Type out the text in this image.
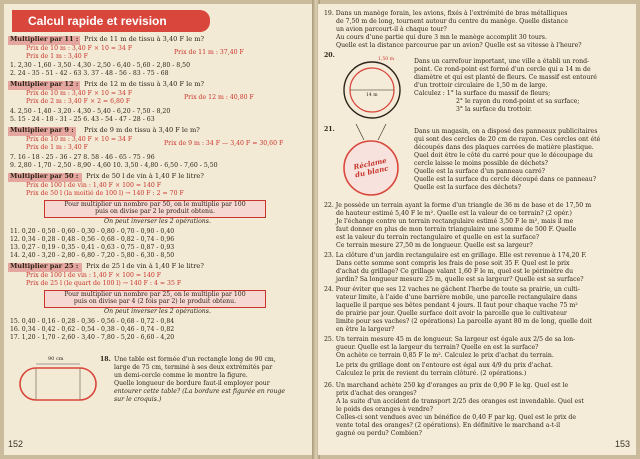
Calcul rapide et revision
Multiplier par 11 : Prix de 11 m de tissu à 3,40 F le m?
Prix de 10 m : 3,40 F × 10 = 34 F
Prix de 1 m : 3,40 F
Prix de 11 m : 37,40 F
1. 2,30 - 1,60 - 3,50 - 4,30 - 2,50 - 6,40 - 5,60 - 2,80 - 8,50
2. 24 - 35 - 51 - 42 - 63 3. 37 - 48 - 56 - 83 - 75 - 68
Multiplier par 12 : Prix de 12 m de tissu à 3,40 F le m?
Prix de 10 m : 3,40 F × 10 = 34 F
Prix de 2 m : 3,40 F × 2 = 6,80 F
Prix de 12 m : 40,80 F
4. 2,50 - 1,40 - 3,20 - 4,30 - 5,40 - 6,20 - 7,50 - 8,20
5. 15 - 24 - 18 - 31 - 25 6. 43 - 54 - 47 - 28 - 63
Multiplier par 9 : Prix de 9 m de tissu à 3,40 F le m?
Prix de 10 m : 3,40 F × 10 = 34 F
Prix de 1 m : 3,40 F
Prix de 9 m : 34 F — 3,40 F = 30,60 F
7. 16 - 18 - 25 - 36 - 27 8. 58 - 46 - 65 - 75 - 96
9. 2,80 - 1,70 - 2,50 - 8,90 - 4,60 10. 3,50 - 4,80 - 6,50 - 7,60 - 5,50
Multiplier par 50 : Prix de 50 l de vin à 1,40 F le litre?
Prix de 100 l de vin : 1,40 F × 100 = 140 F
Prix de 50 l (la moitié de 100 l) → 140 F : 2 = 70 F
Pour multiplier un nombre par 50, on le multiplie par 100
puis on divise par 2 le produit obtenu.
On peut inverser les 2 opérations.
11. 0,20 - 0,50 - 0,60 - 0,30 - 0,80 - 0,70 - 0,90 - 0,40
12. 0,34 - 0,28 - 0,48 - 0,56 - 0,68 - 0,82 - 0,74 - 0,96
13. 0,27 - 0,19 - 0,35 - 0,41 - 0,63 - 0,75 - 0,87 - 0,93
14. 2,40 - 3,20 - 2,80 - 6,80 - 7,20 - 5,80 - 6,30 - 8,50
Multiplier par 25 : Prix de 25 l de vin à 1,40 F le litre?
Prix de 100 l de vin : 1,40 F × 100 = 140 F
Prix de 25 l (le quart de 100 l) → 140 F : 4 = 35 F
Pour multiplier un nombre par 25, on le multiplie par 100
puis on divise par 4 (2 fois par 2) le produit obtenu.
On peut inverser les 2 opérations.
15. 0,40 - 0,16 - 0,28 - 0,36 - 0,56 - 0,68 - 0,72 - 0,84
16. 0,34 - 0,42 - 0,62 - 0,54 - 0,38 - 0,46 - 0,74 - 0,82
17. 1,20 - 1,70 - 2,60 - 3,40 - 7,80 - 5,20 - 6,60 - 4,20
90 cm	18. Une table est formée d'un rectangle long de 90 cm,
large de 75 cm, terminé à ses deux extrémités par
un demi-cercle comme le montre la figure.
Quelle longueur de bordure faut-il employer pour
entourer cette table? (La bordure est figurée en rouge
sur le croquis.)
152
19. Dans un manège forain, les avions, fixés à l'extrémité de bras métalliques
de 7,50 m de long, tournent autour du centre du manège. Quelle distance
un avion parcourt-il à chaque tour?
Au cours d'une partie qui dure 3 mn le manège accomplit 30 tours.
Quelle est la distance parcourue par un avion? Quelle est sa vitesse à l'heure?
20.
1,50 m
14 m
Dans un carrefour important, une ville a établi un rond-
point. Ce rond-point est formé d'un cercle qui a 14 m de
diamètre et qui est planté de fleurs. Ce massif est entouré
d'un trottoir circulaire de 1,50 m de large.
Calculez : 1° la surface du massif de fleurs;
2° le rayon du rond-point et sa surface;
3° la surface du trottoir.
21.
Réclame du blanc
Dans un magasin, on a disposé des panneaux publicitaires
qui sont des cercles de 20 cm de rayon. Ces cercles ont été
découpés dans des plaques carrées de matière plastique.
Quel doit être le côté du carré pour que le découpage du
cercle laisse le moins possible de déchets?
Quelle est la surface d'un panneau carré?
Quelle est la surface du cercle découpé dans ce panneau?
Quelle est la surface des déchets?
22. Je possède un terrain ayant la forme d'un triangle de 36 m de base et de 17,50 m
de hauteur estimé 5,40 F le m². Quelle est la valeur de ce terrain? (2 opér.)
Je l'échange contre un terrain rectangulaire estimé 3,50 F le m², mais il me
faut donner en plus de mon terrain triangulaire une somme de 500 F. Quelle
est la valeur du terrain rectangulaire et quelle en est la surface?
Ce terrain mesure 27,50 m de longueur. Quelle est sa largeur?
23. La clôture d'un jardin rectangulaire est en grillage. Elle est revenue à 174,20 F.
Dans cette somme sont compris les frais de pose soit 35 F. Quel est le prix
d'achat du grillage? Ce grillage valant 1,60 F le m, quel est le périmètre du
jardin? Sa longueur mesure 25 m, quelle est sa largeur? Quelle est sa surface?
24. Pour éviter que ses 12 vaches ne gâchent l'herbe de toute sa prairie, un culti-
vateur limite, à l'aide d'une barrière mobile, une parcelle rectangulaire dans
laquelle il parque ses bêtes pendant 4 jours. Il faut pour chaque vache 75 m²
de prairie par jour. Quelle surface doit avoir la parcelle que le cultivateur
limite pour ses vaches? (2 opérations) La parcelle ayant 80 m de long, quelle doit
en être la largeur?
25. Un terrain mesure 45 m de longueur. Sa largeur est égale aux 2/5 de sa lon-
gueur. Quelle est la largeur du terrain? Quelle en est la surface?
On achète ce terrain 0,85 F le m². Calculez le prix d'achat du terrain.
Le prix du grillage dont on l'entoure est égal aux 4/9 du prix d'achat.
Calculez le prix de revient du terrain clôturé. (2 opérations.)
26. Un marchand achète 250 kg d'oranges au prix de 0,90 F le kg. Quel est le
prix d'achat des oranges?
A la suite d'un accident de transport 2/25 des oranges est invendable. Quel est
le poids des oranges à vendre?
Celles-ci sont vendues avec un bénéfice de 0,40 F par kg. Quel est le prix de
vente total des oranges? (2 opérations). En définitive le marchand a-t-il
gagné ou perdu? Combien?
153
